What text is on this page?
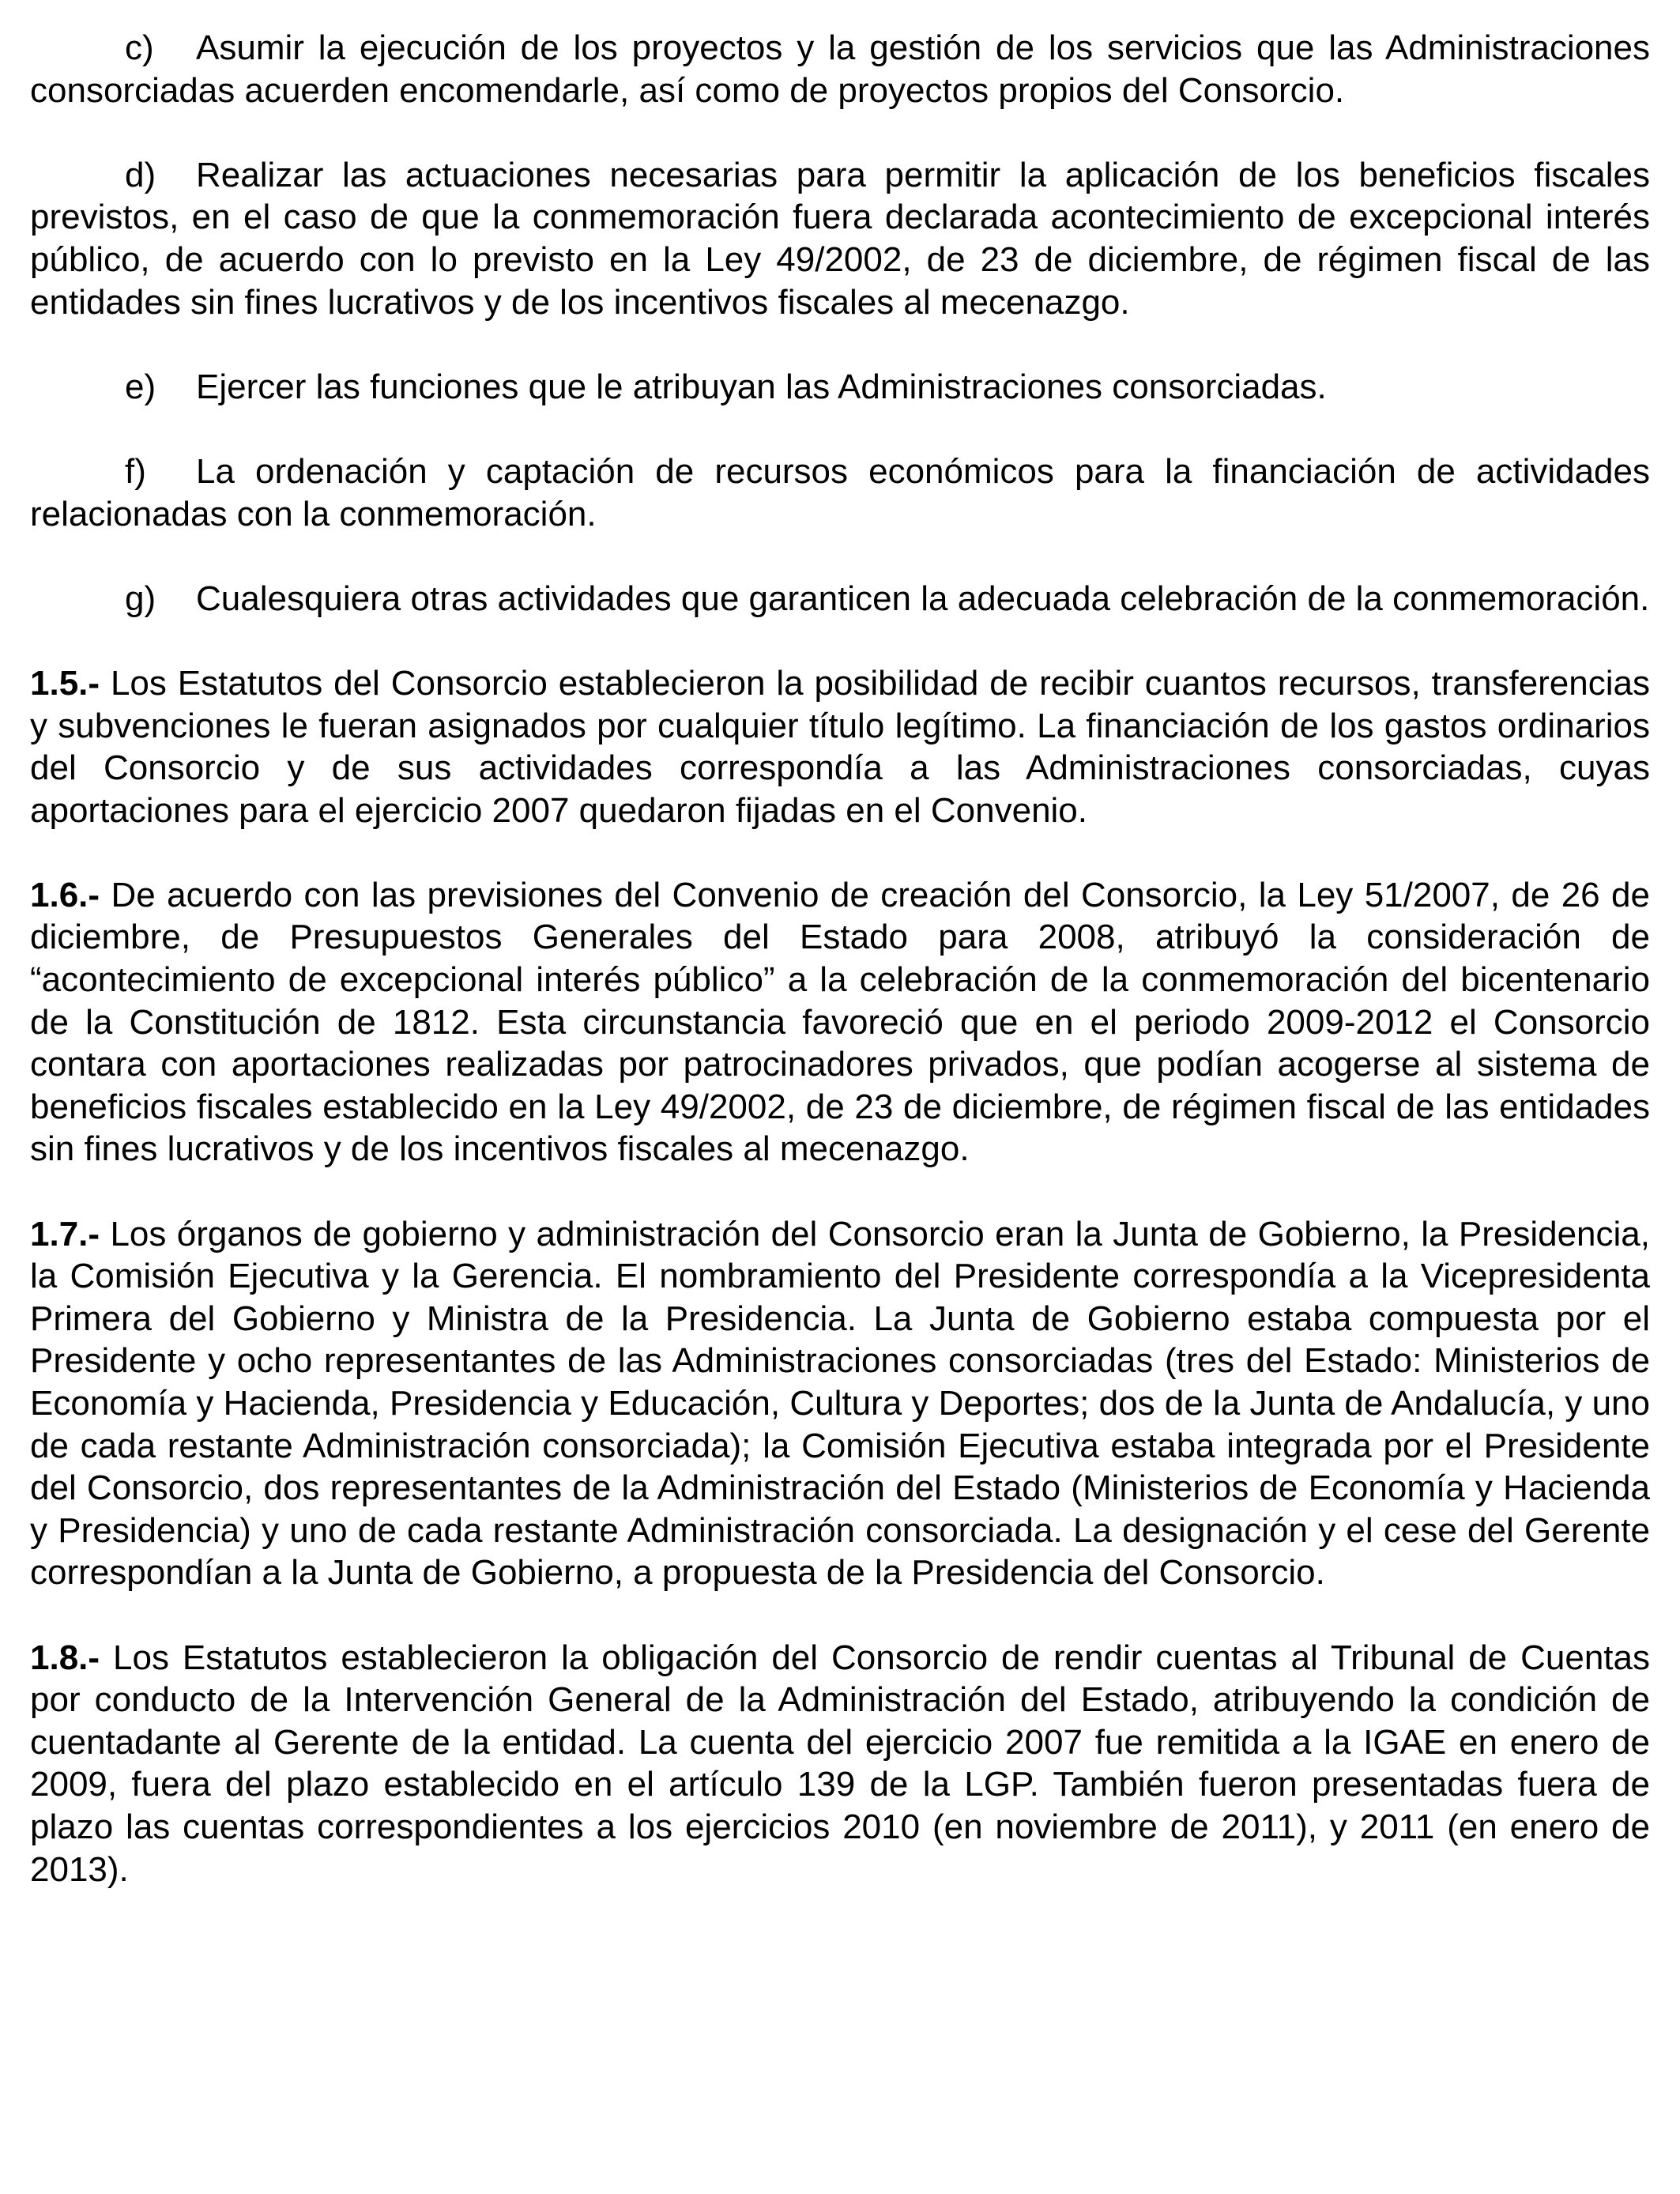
c) Asumir la ejecución de los proyectos y la gestión de los servicios que las Administraciones consorciadas acuerden encomendarle, así como de proyectos propios del Consorcio.

d) Realizar las actuaciones necesarias para permitir la aplicación de los beneficios fiscales previstos, en el caso de que la conmemoración fuera declarada acontecimiento de excepcional interés público, de acuerdo con lo previsto en la Ley 49/2002, de 23 de diciembre, de régimen fiscal de las entidades sin fines lucrativos y de los incentivos fiscales al mecenazgo.

e) Ejercer las funciones que le atribuyan las Administraciones consorciadas.

f) La ordenación y captación de recursos económicos para la financiación de actividades relacionadas con la conmemoración.

g) Cualesquiera otras actividades que garanticen la adecuada celebración de la conmemoración.

1.5.- Los Estatutos del Consorcio establecieron la posibilidad de recibir cuantos recursos, transferencias y subvenciones le fueran asignados por cualquier título legítimo. La financiación de los gastos ordinarios del Consorcio y de sus actividades correspondía a las Administraciones consorciadas, cuyas aportaciones para el ejercicio 2007 quedaron fijadas en el Convenio.

1.6.- De acuerdo con las previsiones del Convenio de creación del Consorcio, la Ley 51/2007, de 26 de diciembre, de Presupuestos Generales del Estado para 2008, atribuyó la consideración de “acontecimiento de excepcional interés público” a la celebración de la conmemoración del bicentenario de la Constitución de 1812. Esta circunstancia favoreció que en el periodo 2009-2012 el Consorcio contara con aportaciones realizadas por patrocinadores privados, que podían acogerse al sistema de beneficios fiscales establecido en la Ley 49/2002, de 23 de diciembre, de régimen fiscal de las entidades sin fines lucrativos y de los incentivos fiscales al mecenazgo.

1.7.- Los órganos de gobierno y administración del Consorcio eran la Junta de Gobierno, la Presidencia, la Comisión Ejecutiva y la Gerencia. El nombramiento del Presidente correspondía a la Vicepresidenta Primera del Gobierno y Ministra de la Presidencia. La Junta de Gobierno estaba compuesta por el Presidente y ocho representantes de las Administraciones consorciadas (tres del Estado: Ministerios de Economía y Hacienda, Presidencia y Educación, Cultura y Deportes; dos de la Junta de Andalucía, y uno de cada restante Administración consorciada); la Comisión Ejecutiva estaba integrada por el Presidente del Consorcio, dos representantes de la Administración del Estado (Ministerios de Economía y Hacienda y Presidencia) y uno de cada restante Administración consorciada. La designación y el cese del Gerente correspondían a la Junta de Gobierno, a propuesta de la Presidencia del Consorcio.

1.8.- Los Estatutos establecieron la obligación del Consorcio de rendir cuentas al Tribunal de Cuentas por conducto de la Intervención General de la Administración del Estado, atribuyendo la condición de cuentadante al Gerente de la entidad. La cuenta del ejercicio 2007 fue remitida a la IGAE en enero de 2009, fuera del plazo establecido en el artículo 139 de la LGP. También fueron presentadas fuera de plazo las cuentas correspondientes a los ejercicios 2010 (en noviembre de 2011), y 2011 (en enero de 2013).
